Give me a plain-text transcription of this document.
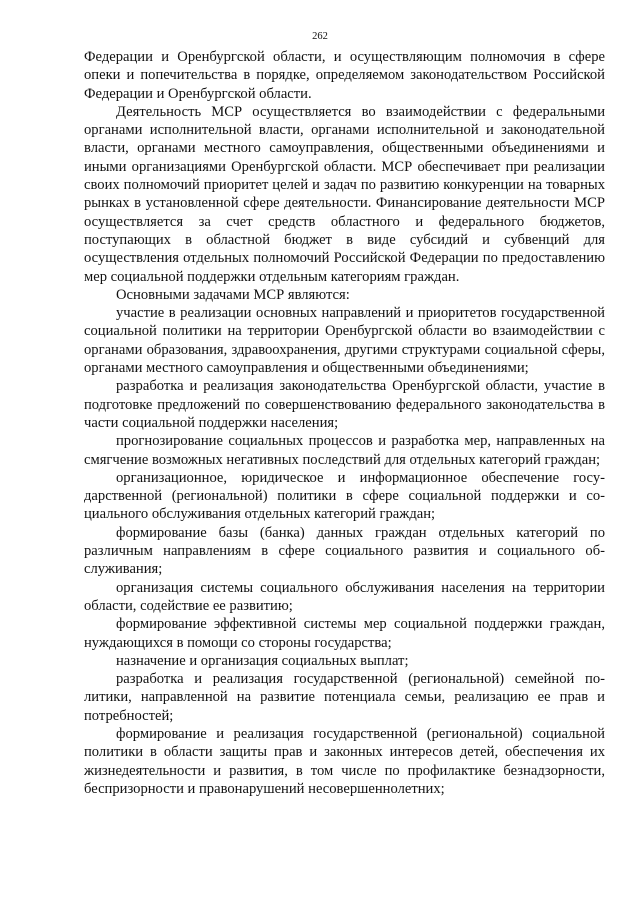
262

Федерации и Оренбургской области, и осуществляющим полномочия в сфере опеки и попечительства в порядке, определяемом законодательством Российской Федерации и Оренбургской области.

Деятельность МСР осуществляется во взаимодействии с федеральными органами исполнительной власти, органами исполнительной и законодательной власти, органами местного самоуправления, общественными объединениями и иными организациями Оренбургской области. МСР обеспечивает при реализации своих полномочий приоритет целей и задач по развитию конкуренции на товарных рынках в установленной сфере деятельности. Финансирование деятельности МСР осуществляется за счет средств областного и федерального бюджетов, поступающих в областной бюджет в виде субсидий и субвенций для осуществления отдельных полномочий Российской Федерации по предоставлению мер социальной поддержки отдельным категориям граждан.

Основными задачами МСР являются:

участие в реализации основных направлений и приоритетов государственной социальной политики на территории Оренбургской области во взаимодействии с органами образования, здравоохранения, другими структурами социальной сферы, органами местного самоуправления и общественными объединениями;

разработка и реализация законодательства Оренбургской области, участие в подготовке предложений по совершенствованию федерального законодательства в части социальной поддержки населения;

прогнозирование социальных процессов и разработка мер, направленных на смягчение возможных негативных последствий для отдельных категорий граждан;

организационное, юридическое и информационное обеспечение государственной (региональной) политики в сфере социальной поддержки и социального обслуживания отдельных категорий граждан;

формирование базы (банка) данных граждан отдельных категорий по различным направлениям в сфере социального развития и социального обслуживания;

организация системы социального обслуживания населения на территории области, содействие ее развитию;

формирование эффективной системы мер социальной поддержки граждан, нуждающихся в помощи со стороны государства;

назначение и организация социальных выплат;

разработка и реализация государственной (региональной) семейной политики, направленной на развитие потенциала семьи, реализацию ее прав и потребностей;

формирование и реализация государственной (региональной) социальной политики в области защиты прав и законных интересов детей, обеспечения их жизнедеятельности и развития, в том числе по профилактике безнадзорности, беспризорности и правонарушений несовершеннолетних;
